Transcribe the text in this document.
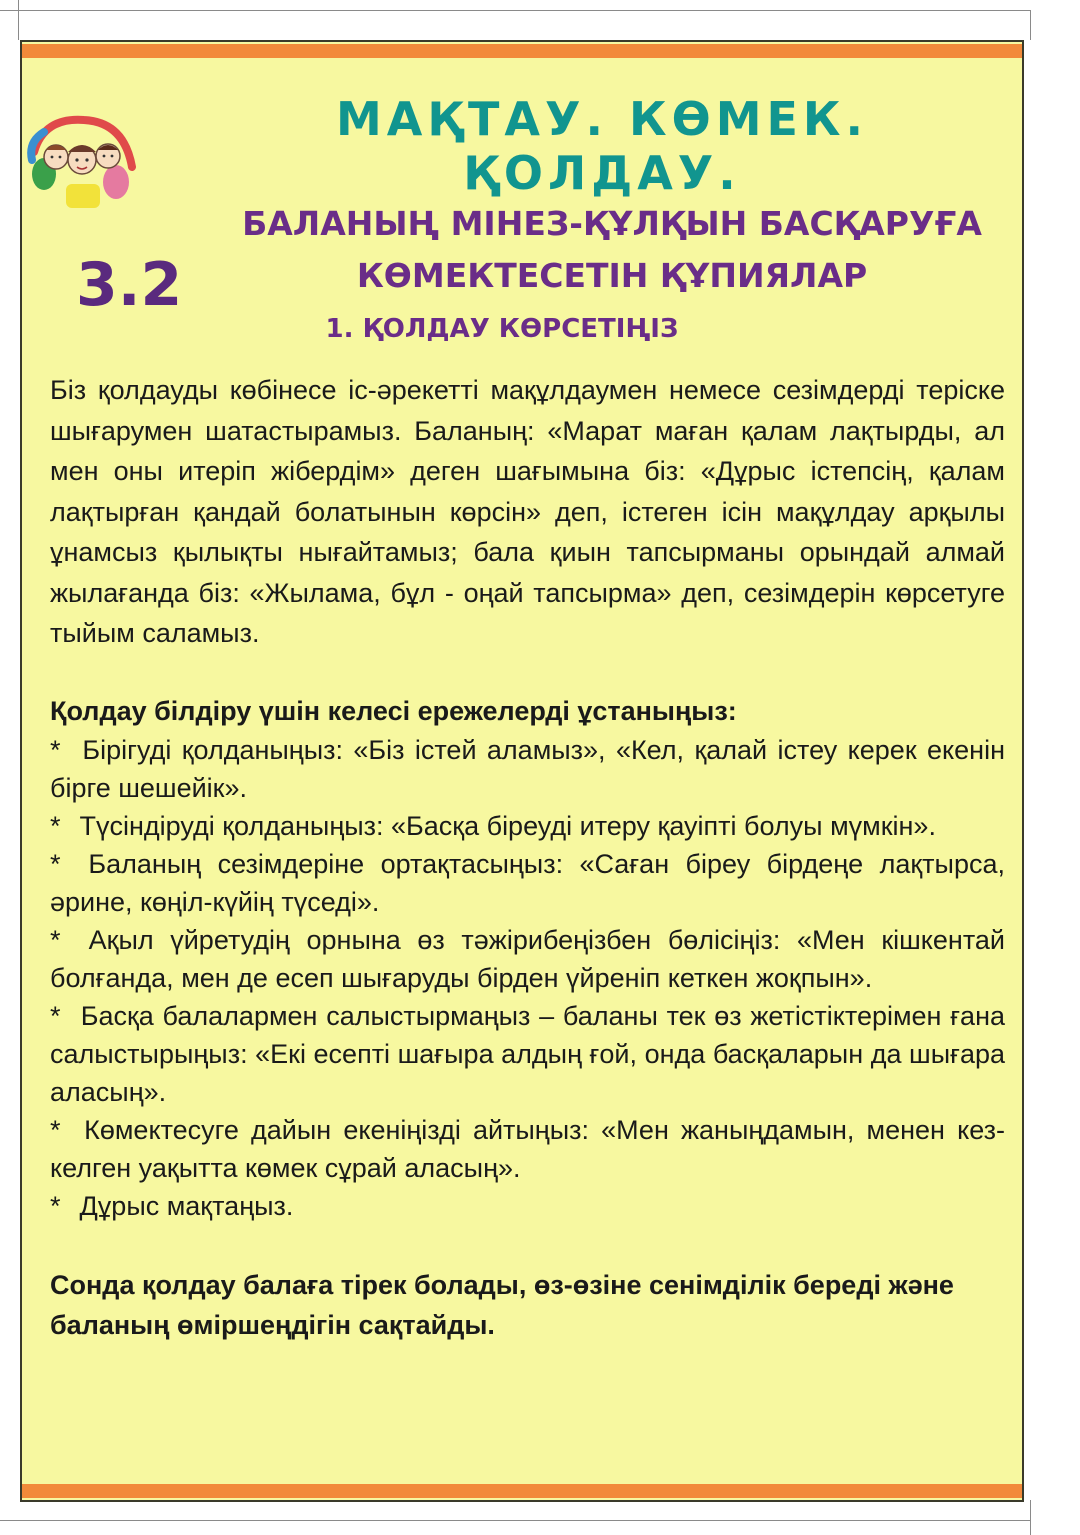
МАҚТАУ. КӨМЕК. ҚОЛДАУ.

3.2

БАЛАНЫҢ МІНЕЗ-ҚҰЛҚЫН БАСҚАРУҒА КӨМЕКТЕСЕТІН ҚҰПИЯЛАР
1. ҚОЛДАУ КӨРСЕТІҢІЗ

Біз қолдауды көбінесе іс-әрекетті мақұлдаумен немесе сезімдерді теріске шығарумен шатастырамыз. Баланың: «Марат маған қалам лақтырды, ал мен оны итеріп жібердім» деген шағымына біз: «Дұрыс істепсің, қалам лақтырған қандай болатынын көрсін» деп, істеген ісін мақұлдау арқылы ұнамсыз қылықты нығайтамыз; бала қиын тапсырманы орындай алмай жылағанда біз: «Жылама, бұл - оңай тапсырма» деп, сезімдерін көрсетуге тыйым саламыз.

Қолдау білдіру үшін келесі ережелерді ұстаныңыз:

* Бірігуді қолданыңыз: «Біз істей аламыз», «Кел, қалай істеу керек екенін бірге шешейік».

* Түсіндіруді қолданыңыз: «Басқа біреуді итеру қауіпті болуы мүмкін».

* Баланың сезімдеріне ортақтасыңыз: «Саған біреу бірдеңе лақтырса, әрине, көңіл-күйің түседі».

* Ақыл үйретудің орнына өз тәжірибеңізбен бөлісіңіз: «Мен кішкентай болғанда, мен де есеп шығаруды бірден үйреніп кеткен жоқпын».

* Басқа балалармен салыстырмаңыз – баланы тек өз жетістіктерімен ғана салыстырыңыз: «Екі есепті шағыра алдың ғой, онда басқаларын да шығара аласың».

* Көмектесуге дайын екеніңізді айтыңыз: «Мен жаныңдамын, менен кез-келген уақытта көмек сұрай аласың».

* Дұрыс мақтаңыз.

Сонда қолдау балаға тірек болады, өз-өзіне сенімділік береді және баланың өміршеңдігін сақтайды.
